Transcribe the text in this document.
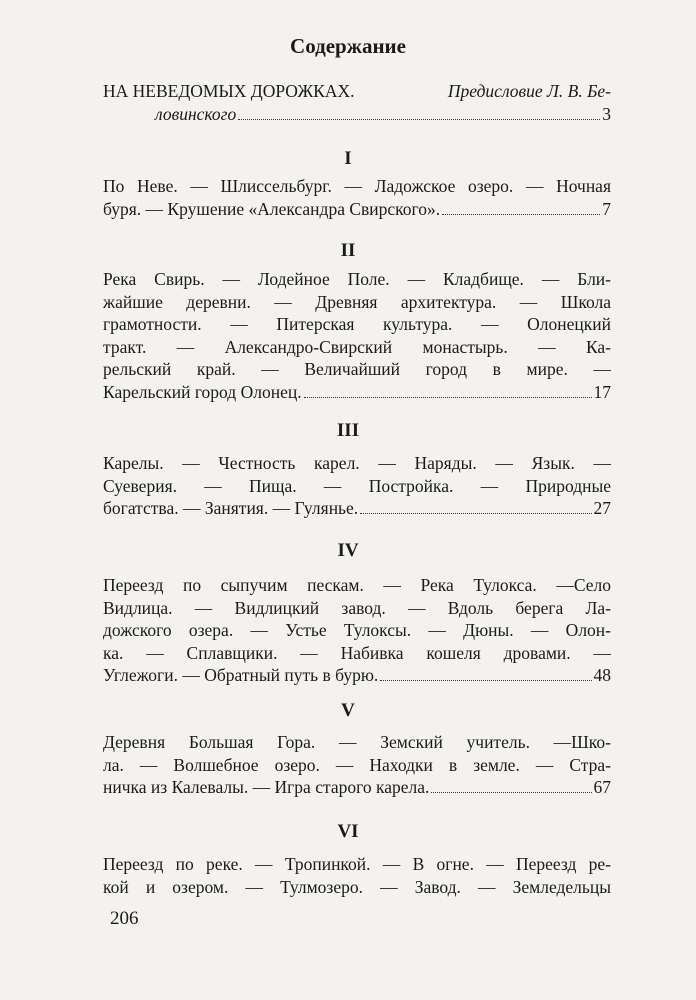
Содержание
НА НЕВЕДОМЫХ ДОРОЖКАХ.	Предисловие Л. В. Бе-
ловинского	3
I
По Неве. — Шлиссельбург. — Ладожское озеро. — Ночная
буря. — Крушение «Александра Свирского».	7
II
Река Свирь. — Лодейное Поле. — Кладбище. — Бли-
жайшие деревни. — Древняя архитектура. — Школа
грамотности. — Питерская культура. — Олонецкий
тракт. — Александро-Свирский монастырь. — Ка-
рельский край. — Величайший город в мире. —
Карельский город Олонец.	17
III
Карелы. — Честность карел. — Наряды. — Язык. —
Суеверия. — Пища. — Постройка. — Природные
богатства. — Занятия. — Гулянье.	27
IV
Переезд по сыпучим пескам. — Река Тулокса. —Село
Видлица. — Видлицкий завод. — Вдоль берега Ла-
дожского озера. — Устье Тулоксы. — Дюны. — Олон-
ка. — Сплавщики. — Набивка кошеля дровами. —
Углежоги. — Обратный путь в бурю.	48
V
Деревня Большая Гора. — Земский учитель. —Шко-
ла. — Волшебное озеро. — Находки в земле. — Стра-
ничка из Калевалы. — Игра старого карела.	67
VI
Переезд по реке. — Тропинкой. — В огне. — Переезд ре-
кой и озером. — Тулмозеро. — Завод. — Земледельцы
206
